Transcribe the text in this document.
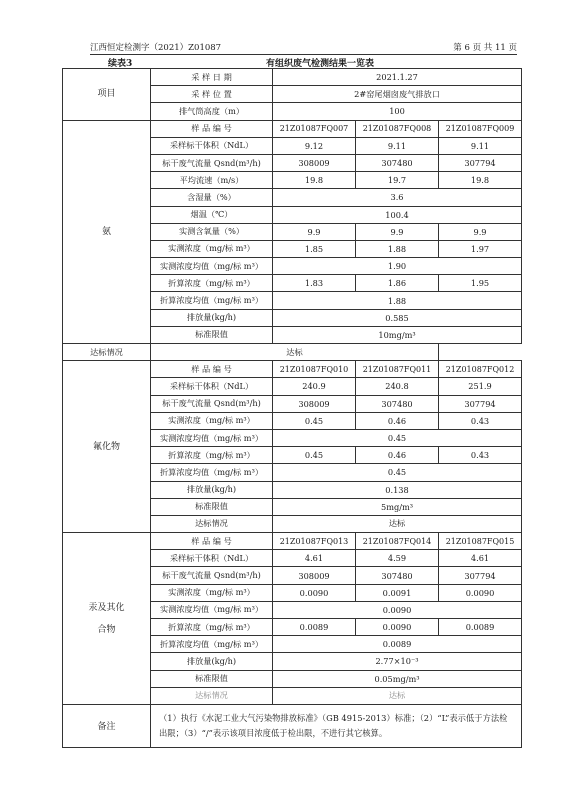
江西恒定检测字（2021）Z01087	第 6 页 共 11 页
续表3	有组织废气检测结果一览表
项目	采 样 日 期	2021.1.27		
	采 样 位 置	2#窑尾烟囱废气排放口		
	排气筒高度（m）	100		
氨	样 品 编 号	21Z01087FQ007	21Z01087FQ008	21Z01087FQ009
	采样标干体积（NdL）	9.12	9.11	9.11
	标干废气流量 Qsnd(m³/h)	308009	307480	307794
	平均流速（m/s）	19.8	19.7	19.8
	含湿量（%）	3.6		
	烟温（℃）	100.4		
	实测含氧量（%）	9.9	9.9	9.9
	实测浓度（mg/标 m³）	1.85	1.88	1.97
	实测浓度均值（mg/标 m³）	1.90		
	折算浓度（mg/标 m³）	1.83	1.86	1.95
	折算浓度均值（mg/标 m³）	1.88		
	排放量(kg/h)	0.585		
	标准限值	10mg/m³		
达标情况	达标			
氟化物	样 品 编 号	21Z01087FQ010	21Z01087FQ011	21Z01087FQ012
	采样标干体积（NdL）	240.9	240.8	251.9
	标干废气流量 Qsnd(m³/h)	308009	307480	307794
	实测浓度（mg/标 m³）	0.45	0.46	0.43
	实测浓度均值（mg/标 m³）	0.45		
	折算浓度（mg/标 m³）	0.45	0.46	0.43
	折算浓度均值（mg/标 m³）	0.45		
	排放量(kg/h)	0.138		
	标准限值	5mg/m³		
	达标情况	达标		
汞及其化合物	样 品 编 号	21Z01087FQ013	21Z01087FQ014	21Z01087FQ015
	采样标干体积（NdL）	4.61	4.59	4.61
	标干废气流量 Qsnd(m³/h)	308009	307480	307794
	实测浓度（mg/标 m³）	0.0090	0.0091	0.0090
	实测浓度均值（mg/标 m³）	0.0090		
	折算浓度（mg/标 m³）	0.0089	0.0090	0.0089
	折算浓度均值（mg/标 m³）	0.0089		
	排放量(kg/h)	2.77×10⁻³		
	标准限值	0.05mg/m³		
	达标情况	达标		
备注	（1）执行《水泥工业大气污染物排放标准》（GB 4915-2013）标准；（2）“L”表示低于方法检出限；（3）“/”表示该项目浓度低于检出限，不进行其它核算。			
